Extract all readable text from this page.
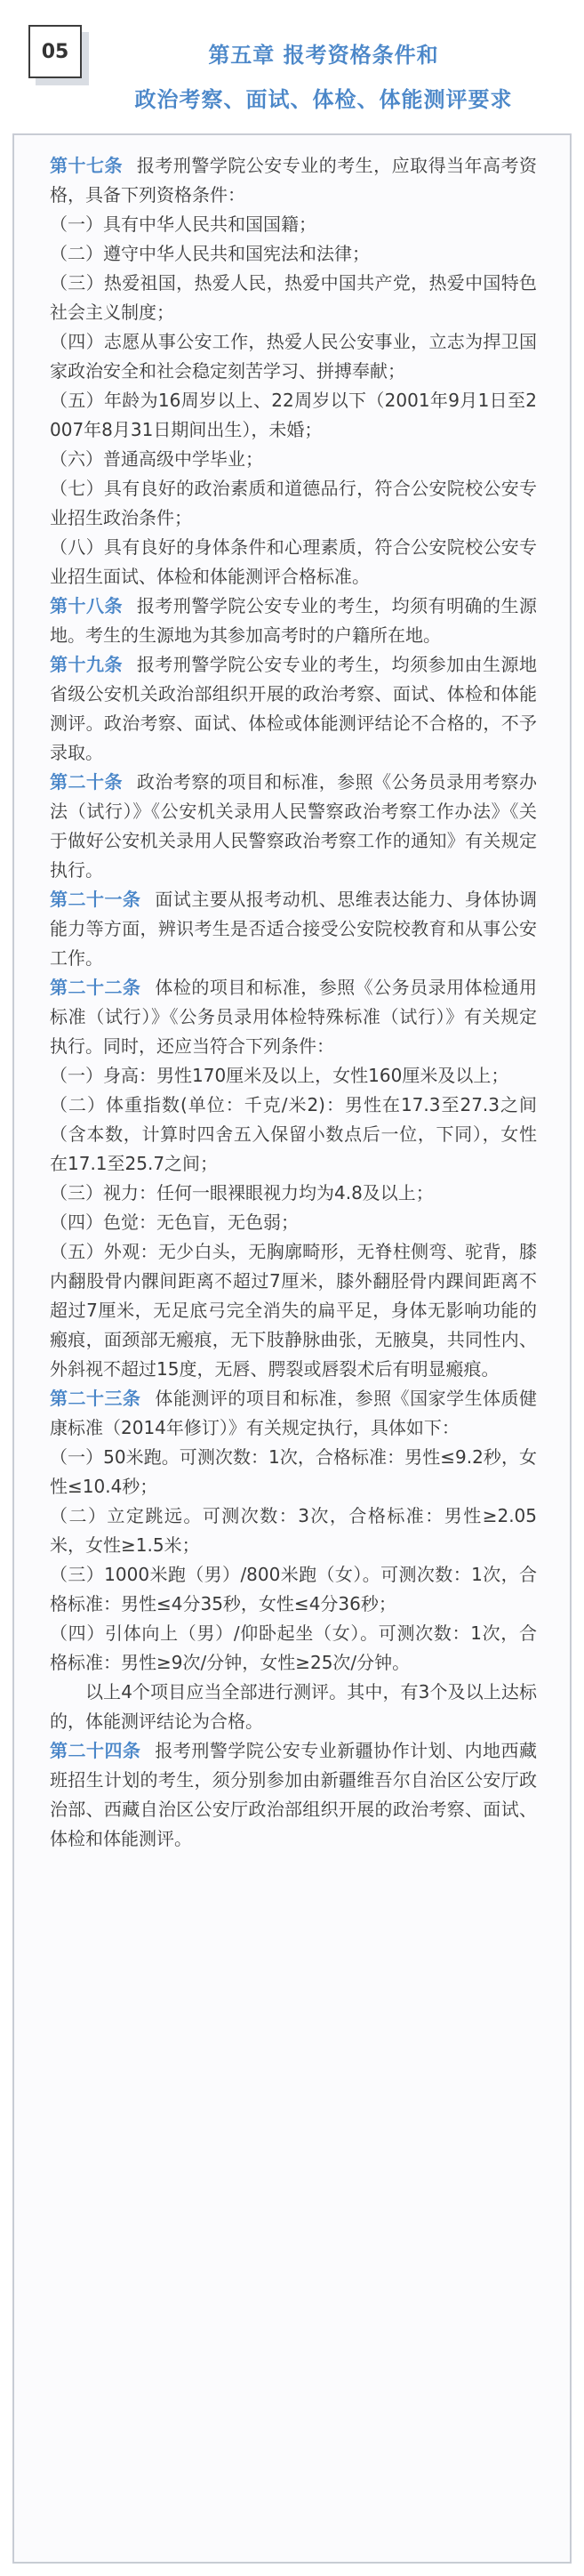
05	第五章 报考资格条件和
政治考察、面试、体检、体能测评要求

第十七条 报考刑警学院公安专业的考生，应取得当年高考资格，具备下列资格条件：

（一）具有中华人民共和国国籍；

（二）遵守中华人民共和国宪法和法律；

（三）热爱祖国，热爱人民，热爱中国共产党，热爱中国特色社会主义制度；

（四）志愿从事公安工作，热爱人民公安事业，立志为捍卫国家政治安全和社会稳定刻苦学习、拼搏奉献；

（五）年龄为16周岁以上、22周岁以下（2001年9月1日至2007年8月31日期间出生），未婚；

（六）普通高级中学毕业；

（七）具有良好的政治素质和道德品行，符合公安院校公安专业招生政治条件；

（八）具有良好的身体条件和心理素质，符合公安院校公安专业招生面试、体检和体能测评合格标准。

第十八条 报考刑警学院公安专业的考生，均须有明确的生源地。考生的生源地为其参加高考时的户籍所在地。

第十九条 报考刑警学院公安专业的考生，均须参加由生源地省级公安机关政治部组织开展的政治考察、面试、体检和体能测评。政治考察、面试、体检或体能测评结论不合格的，不予录取。

第二十条 政治考察的项目和标准，参照《公务员录用考察办法（试行）》《公安机关录用人民警察政治考察工作办法》《关于做好公安机关录用人民警察政治考察工作的通知》有关规定执行。

第二十一条 面试主要从报考动机、思维表达能力、身体协调能力等方面，辨识考生是否适合接受公安院校教育和从事公安工作。

第二十二条 体检的项目和标准，参照《公务员录用体检通用标准（试行）》《公务员录用体检特殊标准（试行）》有关规定执行。同时，还应当符合下列条件：

（一）身高：男性170厘米及以上，女性160厘米及以上；

（二）体重指数(单位：千克/米2)：男性在17.3至27.3之间（含本数，计算时四舍五入保留小数点后一位，下同），女性在17.1至25.7之间；

（三）视力：任何一眼裸眼视力均为4.8及以上；

（四）色觉：无色盲，无色弱；

（五）外观：无少白头，无胸廓畸形，无脊柱侧弯、驼背，膝内翻股骨内髁间距离不超过7厘米，膝外翻胫骨内踝间距离不超过7厘米，无足底弓完全消失的扁平足，身体无影响功能的瘢痕，面颈部无瘢痕，无下肢静脉曲张，无腋臭，共同性内、外斜视不超过15度，无唇、腭裂或唇裂术后有明显瘢痕。

第二十三条 体能测评的项目和标准，参照《国家学生体质健康标准（2014年修订）》有关规定执行，具体如下：

（一）50米跑。可测次数：1次，合格标准：男性≤9.2秒，女性≤10.4秒；

（二）立定跳远。可测次数：3次，合格标准：男性≥2.05米，女性≥1.5米；

（三）1000米跑（男）/800米跑（女）。可测次数：1次，合格标准：男性≤4分35秒，女性≤4分36秒；

（四）引体向上（男）/仰卧起坐（女）。可测次数：1次，合格标准：男性≥9次/分钟，女性≥25次/分钟。

以上4个项目应当全部进行测评。其中，有3个及以上达标的，体能测评结论为合格。

第二十四条 报考刑警学院公安专业新疆协作计划、内地西藏班招生计划的考生，须分别参加由新疆维吾尔自治区公安厅政治部、西藏自治区公安厅政治部组织开展的政治考察、面试、体检和体能测评。
